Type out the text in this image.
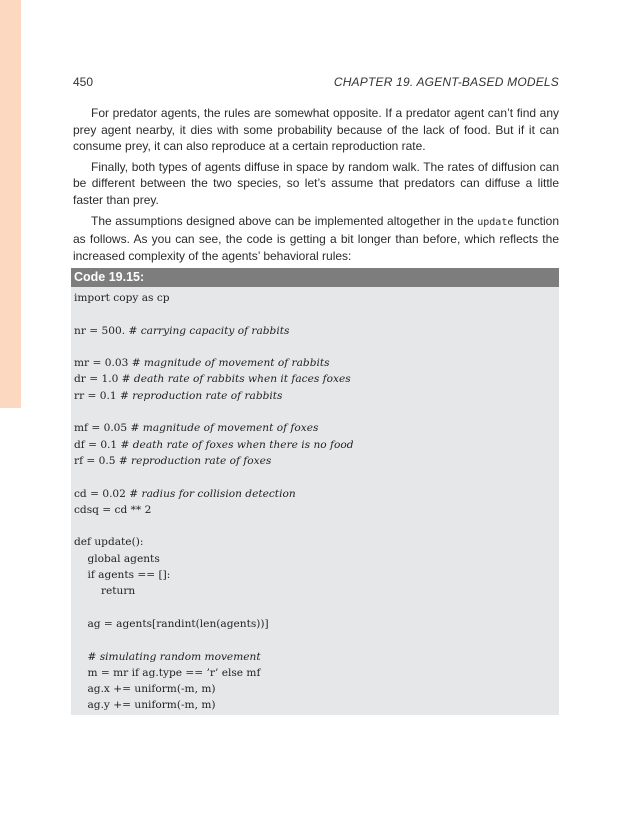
450	CHAPTER 19. AGENT-BASED MODELS

For predator agents, the rules are somewhat opposite. If a predator agent can’t find any prey agent nearby, it dies with some probability because of the lack of food. But if it can consume prey, it can also reproduce at a certain reproduction rate.

Finally, both types of agents diffuse in space by random walk. The rates of diffusion can be different between the two species, so let’s assume that predators can diffuse a little faster than prey.

The assumptions designed above can be implemented altogether in the update function as follows. As you can see, the code is getting a bit longer than before, which reflects the increased complexity of the agents’ behavioral rules:

Code 19.15:
import copy as cp
nr = 500. # carrying capacity of rabbits
mr = 0.03 # magnitude of movement of rabbits
dr = 1.0 # death rate of rabbits when it faces foxes
rr = 0.1 # reproduction rate of rabbits
mf = 0.05 # magnitude of movement of foxes
df = 0.1 # death rate of foxes when there is no food
rf = 0.5 # reproduction rate of foxes
cd = 0.02 # radius for collision detection
cdsq = cd ** 2
def update():
global agents
if agents == []:
return
ag = agents[randint(len(agents))]
# simulating random movement
m = mr if ag.type == ’r’ else mf
ag.x += uniform(-m, m)
ag.y += uniform(-m, m)
